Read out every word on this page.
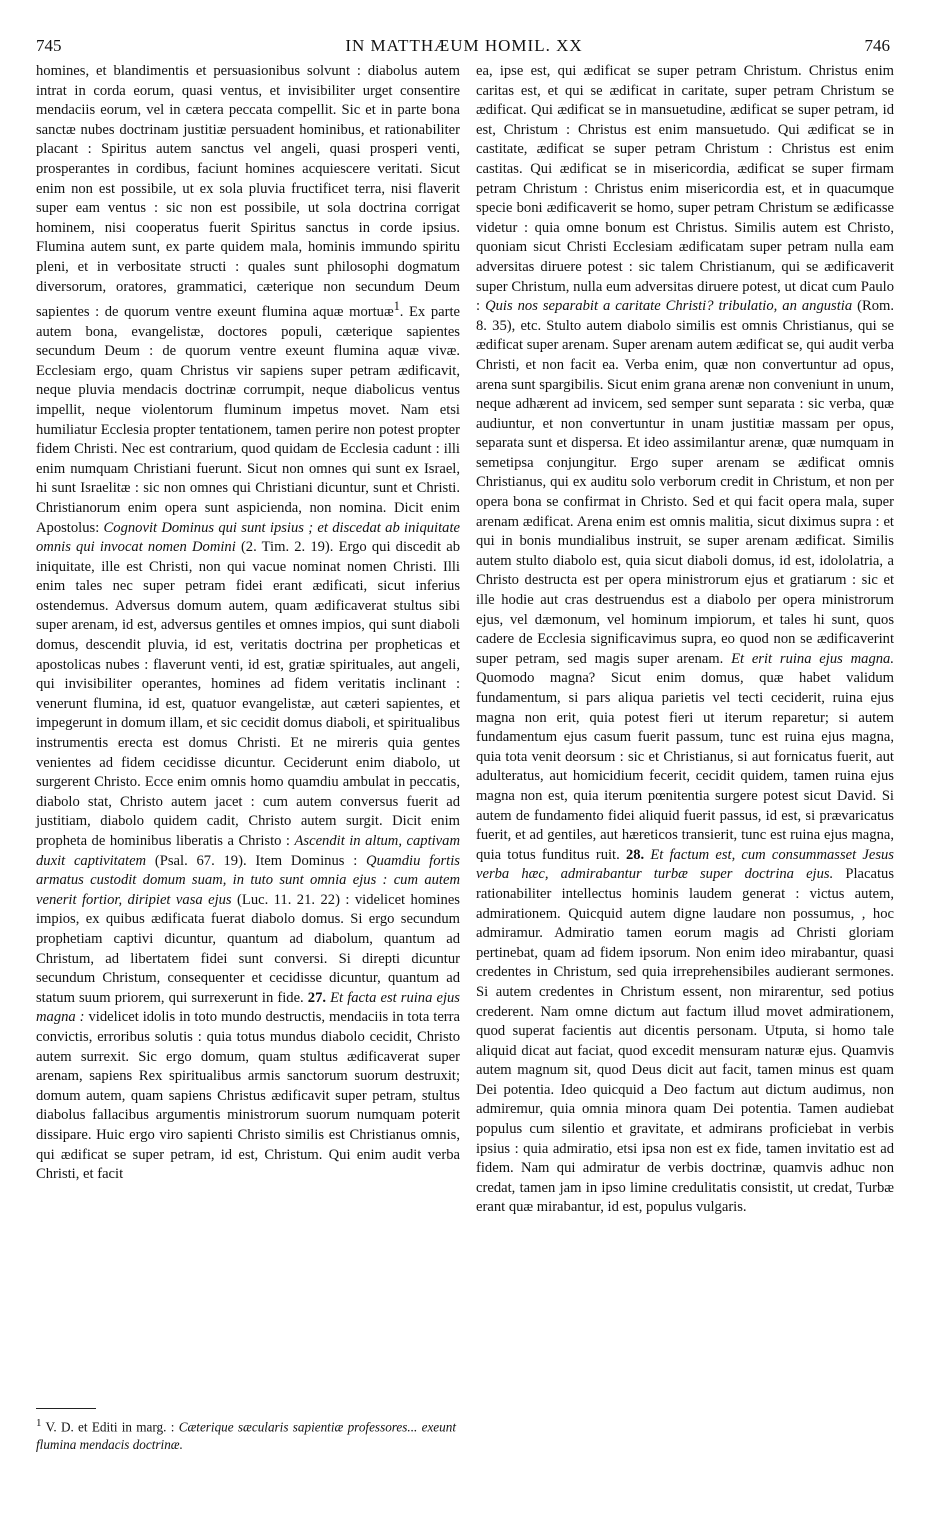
745	IN MATTHÆUM HOMIL. XX	746

homines, et blandimentis et persuasionibus solvunt : diabolus autem intrat in corda eorum, quasi ventus, et invisibiliter urget consentire mendaciis eorum, vel in cætera peccata compellit. Sic et in parte bona sanctæ nubes doctrinam justitiæ persuadent hominibus, et rationabiliter placant : Spiritus autem sanctus vel angeli, quasi prosperi venti, prosperantes in cordibus, faciunt homines acquiescere veritati. Sicut enim non est possibile, ut ex sola pluvia fructificet terra, nisi flaverit super eam ventus : sic non est possibile, ut sola doctrina corrigat hominem, nisi cooperatus fuerit Spiritus sanctus in corde ipsius. Flumina autem sunt, ex parte quidem mala, hominis immundo spiritu pleni, et in verbositate structi : quales sunt philosophi dogmatum diversorum, oratores, grammatici, cæterique non secundum Deum sapientes : de quorum ventre exeunt flumina aquæ mortuæ$^1$. Ex parte autem bona, evangelistæ, doctores populi, cæterique sapientes secundum Deum : de quorum ventre exeunt flumina aquæ vivæ. Ecclesiam ergo, quam Christus vir sapiens super petram ædificavit, neque pluvia mendacis doctrinæ corrumpit, neque diabolicus ventus impellit, neque violentorum fluminum impetus movet. Nam etsi humiliatur Ecclesia propter tentationem, tamen perire non potest propter fidem Christi. Nec est contrarium, quod quidam de Ecclesia cadunt : illi enim numquam Christiani fuerunt. Sicut non omnes qui sunt ex Israel, hi sunt Israelitæ : sic non omnes qui Christiani dicuntur, sunt et Christi. Christianorum enim opera sunt aspicienda, non nomina. Dicit enim Apostolus: Cognovit Dominus qui sunt ipsius ; et discedat ab iniquitate omnis qui invocat nomen Domini (2. Tim. 2. 19). Ergo qui discedit ab iniquitate, ille est Christi, non qui vacue nominat nomen Christi. Illi enim tales nec super petram fidei erant ædificati, sicut inferius ostendemus. Adversus domum autem, quam ædificaverat stultus sibi super arenam, id est, adversus gentiles et omnes impios, qui sunt diaboli domus, descendit pluvia, id est, veritatis doctrina per propheticas et apostolicas nubes : flaverunt venti, id est, gratiæ spirituales, aut angeli, qui invisibiliter operantes, homines ad fidem veritatis inclinant : venerunt flumina, id est, quatuor evangelistæ, aut cæteri sapientes, et impegerunt in domum illam, et sic cecidit domus diaboli, et spiritualibus instrumentis erecta est domus Christi. Et ne mireris quia gentes venientes ad fidem cecidisse dicuntur. Ceciderunt enim diabolo, ut surgerent Christo. Ecce enim omnis homo quamdiu ambulat in peccatis, diabolo stat, Christo autem jacet : cum autem conversus fuerit ad justitiam, diabolo quidem cadit, Christo autem surgit. Dicit enim propheta de hominibus liberatis a Christo : Ascendit in altum, captivam duxit captivitatem (Psal. 67. 19). Item Dominus : Quamdiu fortis armatus custodit domum suam, in tuto sunt omnia ejus : cum autem venerit fortior, diripiet vasa ejus (Luc. 11. 21. 22) : videlicet homines impios, ex quibus ædificata fuerat diabolo domus. Si ergo secundum prophetiam captivi dicuntur, quantum ad diabolum, quantum ad Christum, ad libertatem fidei sunt conversi. Si direpti dicuntur secundum Christum, consequenter et cecidisse dicuntur, quantum ad statum suum priorem, qui surrexerunt in fide. 27. Et facta est ruina ejus magna : videlicet idolis in toto mundo destructis, mendaciis in tota terra convictis, erroribus solutis : quia totus mundus diabolo cecidit, Christo autem surrexit. Sic ergo domum, quam stultus ædificaverat super arenam, sapiens Rex spiritualibus armis sanctorum suorum destruxit; domum autem, quam sapiens Christus ædificavit super petram, stultus diabolus fallacibus argumentis ministrorum suorum numquam poterit dissipare. Huic ergo viro sapienti Christo similis est Christianus omnis, qui ædificat se super petram, id est, Christum. Qui enim audit verba Christi, et facit

ea, ipse est, qui ædificat se super petram Christum. Christus enim caritas est, et qui se ædificat in caritate, super petram Christum se ædificat. Qui ædificat se in mansuetudine, ædificat se super petram, id est, Christum : Christus est enim mansuetudo. Qui ædificat se in castitate, ædificat se super petram Christum : Christus est enim castitas. Qui ædificat se in misericordia, ædificat se super firmam petram Christum : Christus enim misericordia est, et in quacumque specie boni ædificaverit se homo, super petram Christum se ædificasse videtur : quia omne bonum est Christus. Similis autem est Christo, quoniam sicut Christi Ecclesiam ædificatam super petram nulla eam adversitas diruere potest : sic talem Christianum, qui se ædificaverit super Christum, nulla eum adversitas diruere potest, ut dicat cum Paulo : Quis nos separabit a caritate Christi? tribulatio, an angustia (Rom. 8. 35), etc. Stulto autem diabolo similis est omnis Christianus, qui se ædificat super arenam. Super arenam autem ædificat se, qui audit verba Christi, et non facit ea. Verba enim, quæ non convertuntur ad opus, arena sunt spargibilis. Sicut enim grana arenæ non conveniunt in unum, neque adhærent ad invicem, sed semper sunt separata : sic verba, quæ audiuntur, et non convertuntur in unam justitiæ massam per opus, separata sunt et dispersa. Et ideo assimilantur arenæ, quæ numquam in semetipsa conjungitur. Ergo super arenam se ædificat omnis Christianus, qui ex auditu solo verborum credit in Christum, et non per opera bona se confirmat in Christo. Sed et qui facit opera mala, super arenam ædificat. Arena enim est omnis malitia, sicut diximus supra : et qui in bonis mundialibus instruit, se super arenam ædificat. Similis autem stulto diabolo est, quia sicut diaboli domus, id est, idololatria, a Christo destructa est per opera ministrorum ejus et gratiarum : sic et ille hodie aut cras destruendus est a diabolo per opera ministrorum ejus, vel dæmonum, vel hominum impiorum, et tales hi sunt, quos cadere de Ecclesia significavimus supra, eo quod non se ædificaverint super petram, sed magis super arenam. Et erit ruina ejus magna. Quomodo magna? Sicut enim domus, quæ habet validum fundamentum, si pars aliqua parietis vel tecti ceciderit, ruina ejus magna non erit, quia potest fieri ut iterum reparetur; si autem fundamentum ejus casum fuerit passum, tunc est ruina ejus magna, quia tota venit deorsum : sic et Christianus, si aut fornicatus fuerit, aut adulteratus, aut homicidium fecerit, cecidit quidem, tamen ruina ejus magna non est, quia iterum pœnitentia surgere potest sicut David. Si autem de fundamento fidei aliquid fuerit passus, id est, si prævaricatus fuerit, et ad gentiles, aut hæreticos transierit, tunc est ruina ejus magna, quia totus funditus ruit. 28. Et factum est, cum consummasset Jesus verba hæc, admirabantur turbæ super doctrina ejus. Placatus rationabiliter intellectus hominis laudem generat : victus autem, admirationem. Quicquid autem digne laudare non possumus, , hoc admiramur. Admiratio tamen eorum magis ad Christi gloriam pertinebat, quam ad fidem ipsorum. Non enim ideo mirabantur, quasi credentes in Christum, sed quia irreprehensibiles audierant sermones. Si autem credentes in Christum essent, non mirarentur, sed potius crederent. Nam omne dictum aut factum illud movet admirationem, quod superat facientis aut dicentis personam. Utputa, si homo tale aliquid dicat aut faciat, quod excedit mensuram naturæ ejus. Quamvis autem magnum sit, quod Deus dicit aut facit, tamen minus est quam Dei potentia. Ideo quicquid a Deo factum aut dictum audimus, non admiremur, quia omnia minora quam Dei potentia. Tamen audiebat populus cum silentio et gravitate, et admirans proficiebat in verbis ipsius : quia admiratio, etsi ipsa non est ex fide, tamen invitatio est ad fidem. Nam qui admiratur de verbis doctrinæ, quamvis adhuc non credat, tamen jam in ipso limine credulitatis consistit, ut credat, Turbæ erant quæ mirabantur, id est, populus vulgaris.

$^1$ V. D. et Editi in marg. : Cæterique sæcularis sapientiæ professores... exeunt flumina mendacis doctrinæ.
